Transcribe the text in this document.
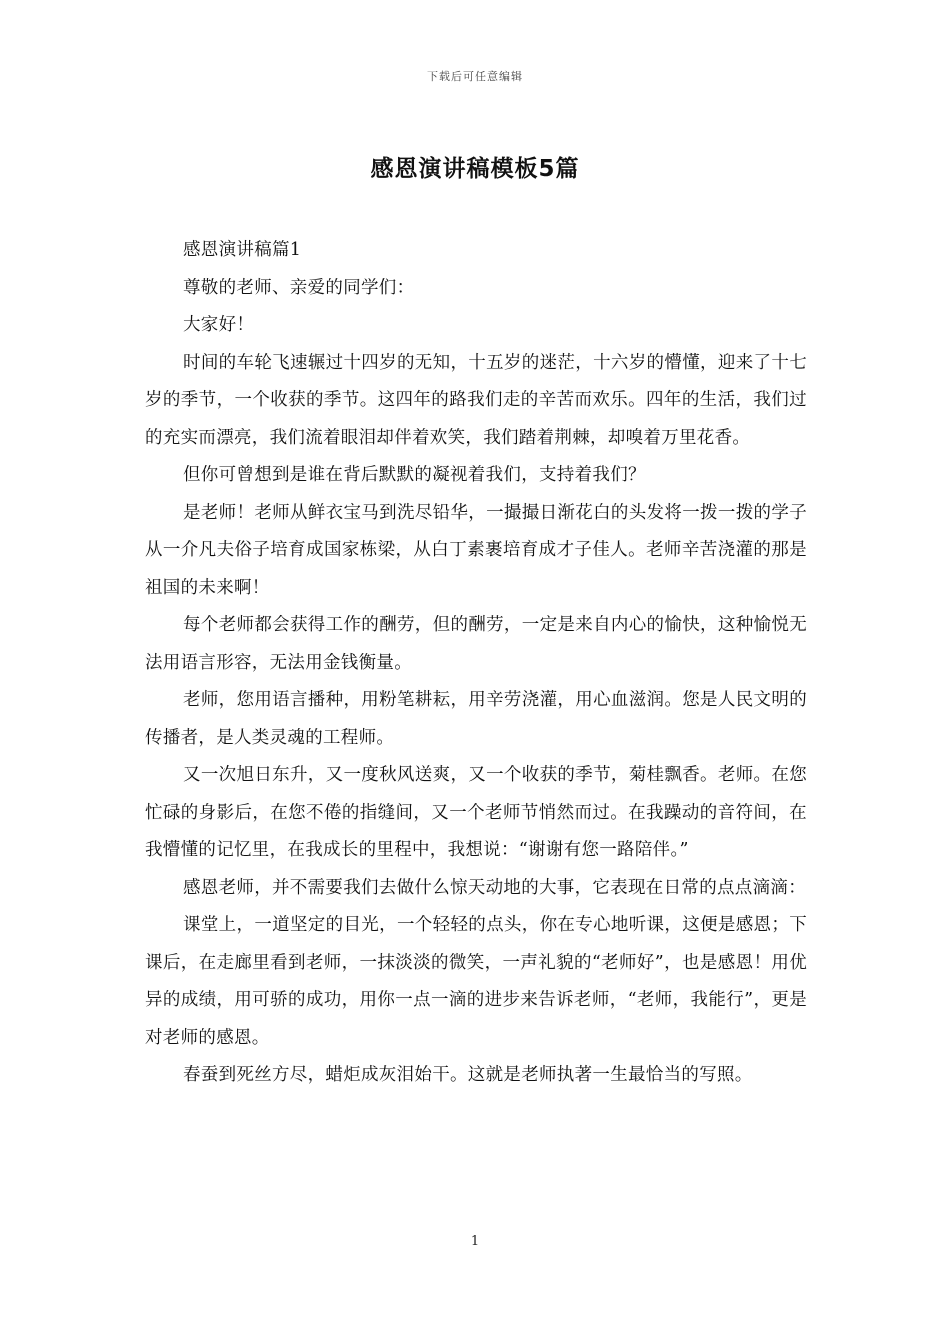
下载后可任意编辑
感恩演讲稿模板5篇

感恩演讲稿篇1

尊敬的老师、亲爱的同学们：

大家好！

时间的车轮飞速辗过十四岁的无知，十五岁的迷茫，十六岁的懵懂，迎来了十七岁的季节，一个收获的季节。这四年的路我们走的辛苦而欢乐。四年的生活，我们过的充实而漂亮，我们流着眼泪却伴着欢笑，我们踏着荆棘，却嗅着万里花香。

但你可曾想到是谁在背后默默的凝视着我们，支持着我们？

是老师！老师从鲜衣宝马到洗尽铅华，一撮撮日渐花白的头发将一拨一拨的学子从一介凡夫俗子培育成国家栋梁，从白丁素裹培育成才子佳人。老师辛苦浇灌的那是祖国的未来啊！

每个老师都会获得工作的酬劳，但的酬劳，一定是来自内心的愉快，这种愉悦无法用语言形容，无法用金钱衡量。

老师，您用语言播种，用粉笔耕耘，用辛劳浇灌，用心血滋润。您是人民文明的传播者，是人类灵魂的工程师。

又一次旭日东升，又一度秋风送爽，又一个收获的季节，菊桂飘香。老师。在您忙碌的身影后，在您不倦的指缝间，又一个老师节悄然而过。在我躁动的音符间，在我懵懂的记忆里，在我成长的里程中，我想说：“谢谢有您一路陪伴。”

感恩老师，并不需要我们去做什么惊天动地的大事，它表现在日常的点点滴滴：

课堂上，一道坚定的目光，一个轻轻的点头，你在专心地听课，这便是感恩；下课后，在走廊里看到老师，一抹淡淡的微笑，一声礼貌的“老师好”，也是感恩！用优异的成绩，用可骄的成功，用你一点一滴的进步来告诉老师，“老师，我能行”，更是对老师的感恩。

春蚕到死丝方尽，蜡炬成灰泪始干。这就是老师执著一生最恰当的写照。

1
